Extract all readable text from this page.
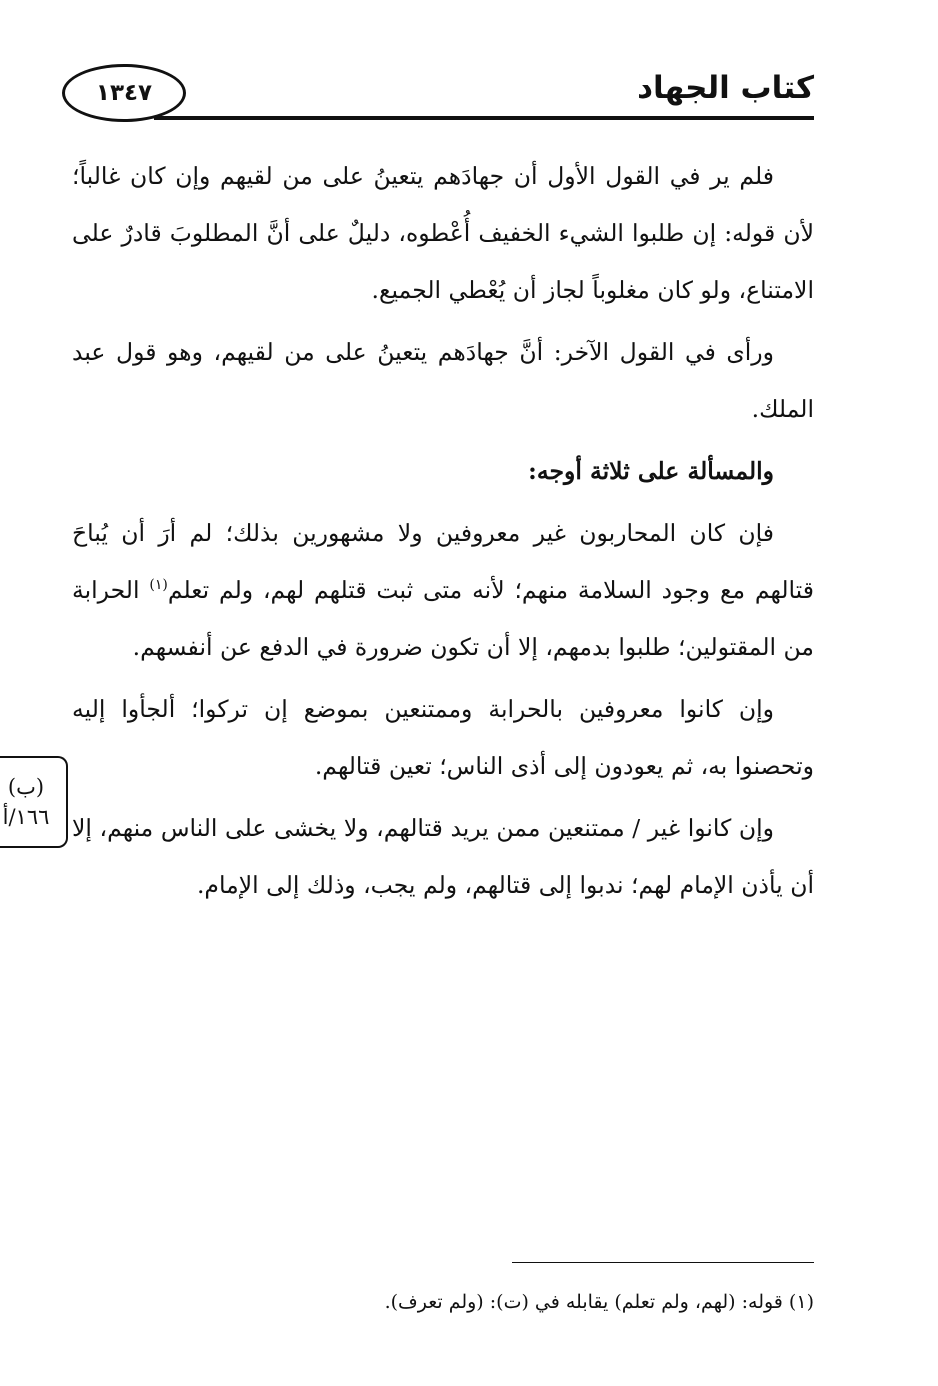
كتاب الجهاد
١٣٤٧

فلم ير في القول الأول أن جهادَهم يتعينُ على من لقيهم وإن كان غالباً؛ لأن قوله: إن طلبوا الشيء الخفيف أُعْطوه، دليلٌ على أنَّ المطلوبَ قادرٌ على الامتناع، ولو كان مغلوباً لجاز أن يُعْطي الجميع.

ورأى في القول الآخر: أنَّ جهادَهم يتعينُ على من لقيهم، وهو قول عبد الملك.

والمسألة على ثلاثة أوجه:

فإن كان المحاربون غير معروفين ولا مشهورين بذلك؛ لم أرَ أن يُباحَ قتالهم مع وجود السلامة منهم؛ لأنه متى ثبت قتلهم لهم، ولم تعلم$^{(١)}$ الحرابة من المقتولين؛ طلبوا بدمهم، إلا أن تكون ضرورة في الدفع عن أنفسهم.

وإن كانوا معروفين بالحرابة وممتنعين بموضع إن تركوا؛ ألجأوا إليه وتحصنوا به، ثم يعودون إلى أذى الناس؛ تعين قتالهم.

وإن كانوا غير / ممتنعين ممن يريد قتالهم، ولا يخشى على الناس منهم، إلا أن يأذن الإمام لهم؛ ندبوا إلى قتالهم، ولم يجب، وذلك إلى الإمام.

(ب)
١٦٦/أ
(١) قوله: (لهم، ولم تعلم) يقابله في (ت): (ولم تعرف).
